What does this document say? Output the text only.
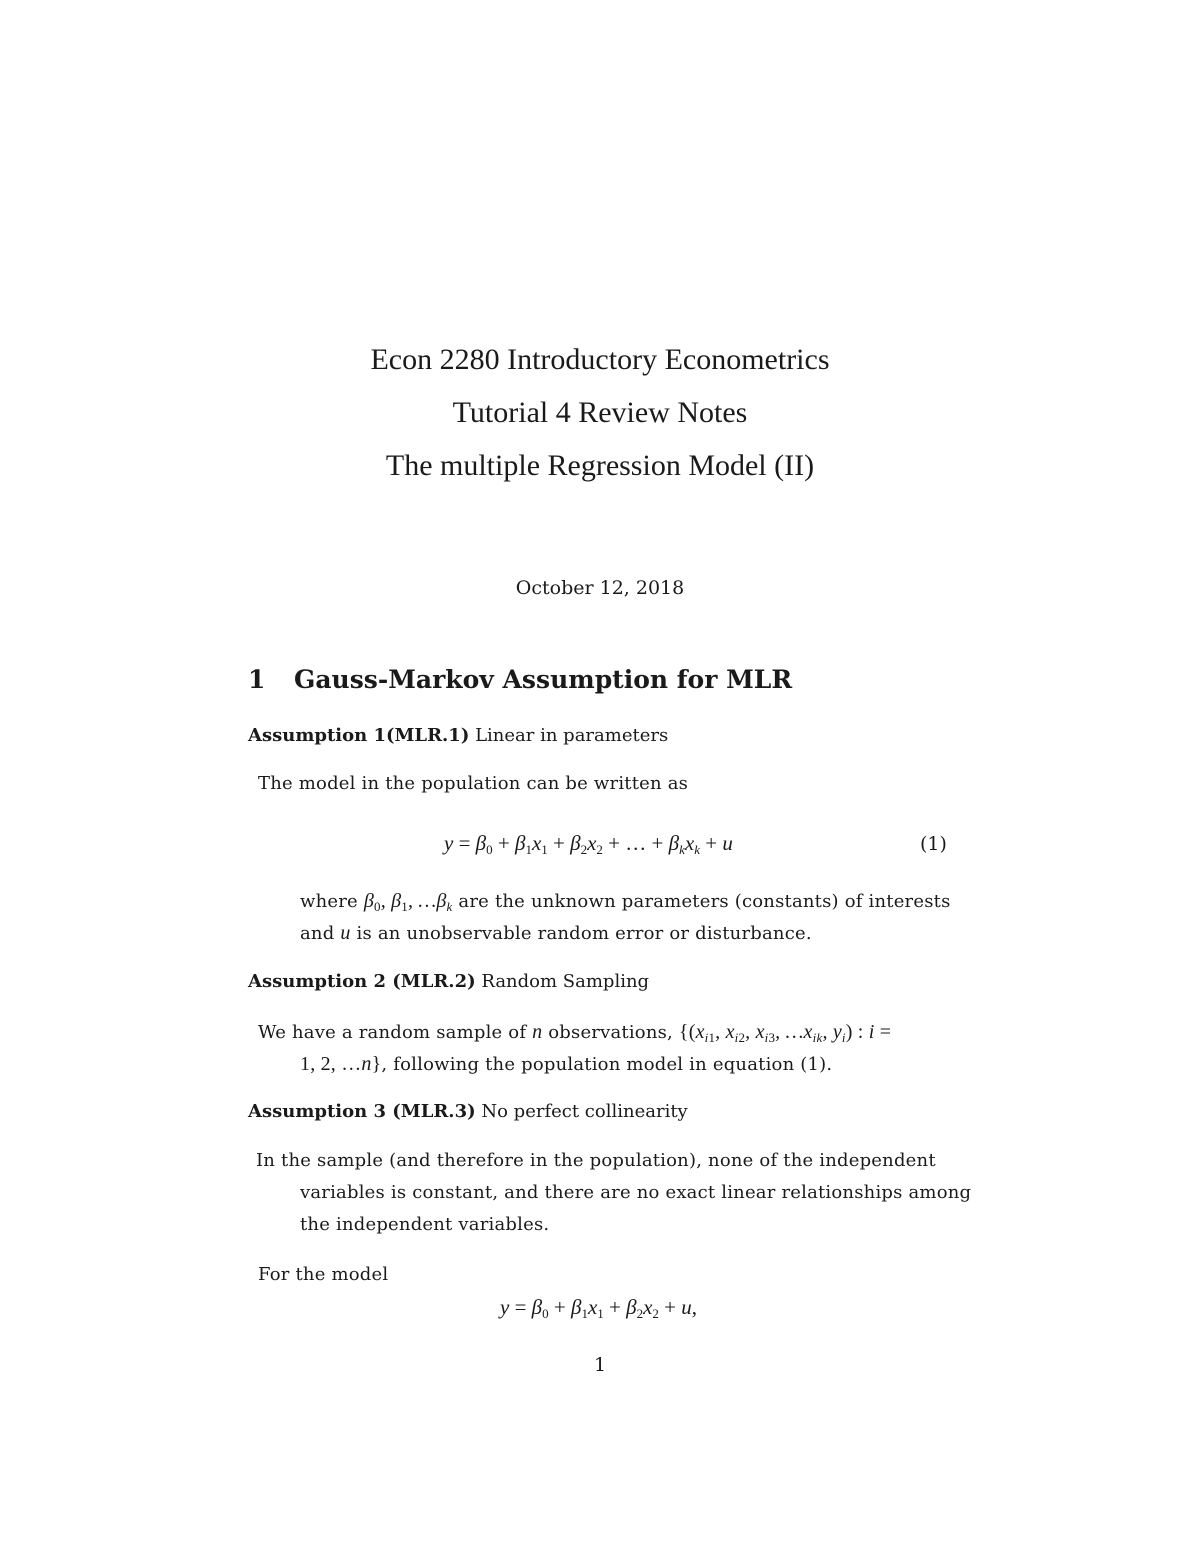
Econ 2280 Introductory Econometrics
Tutorial 4 Review Notes
The multiple Regression Model (II)
October 12, 2018
1 Gauss-Markov Assumption for MLR
Assumption 1(MLR.1) Linear in parameters
The model in the population can be written as
$y = \beta_0 + \beta_1x_1 + \beta_2x_2$ + … + $\beta_kx_k + u$	(1)
where $\beta_0$, $\beta_1$, $\dots\beta_k$ are the unknown parameters (constants) of interests
and u is an unobservable random error or disturbance.
Assumption 2 (MLR.2) Random Sampling
We have a random sample of n observations, {($x_{i1}$, $x_{i2}$, $x_{i3}$, $\dots x_{ik}$, $y_i$) : i =
1, 2, …n}, following the population model in equation (1).
Assumption 3 (MLR.3) No perfect collinearity
In the sample (and therefore in the population), none of the independent
variables is constant, and there are no exact linear relationships among
the independent variables.
For the model
$y = \beta_0 + \beta_1x_1 + \beta_2x_2 + u$,
1
